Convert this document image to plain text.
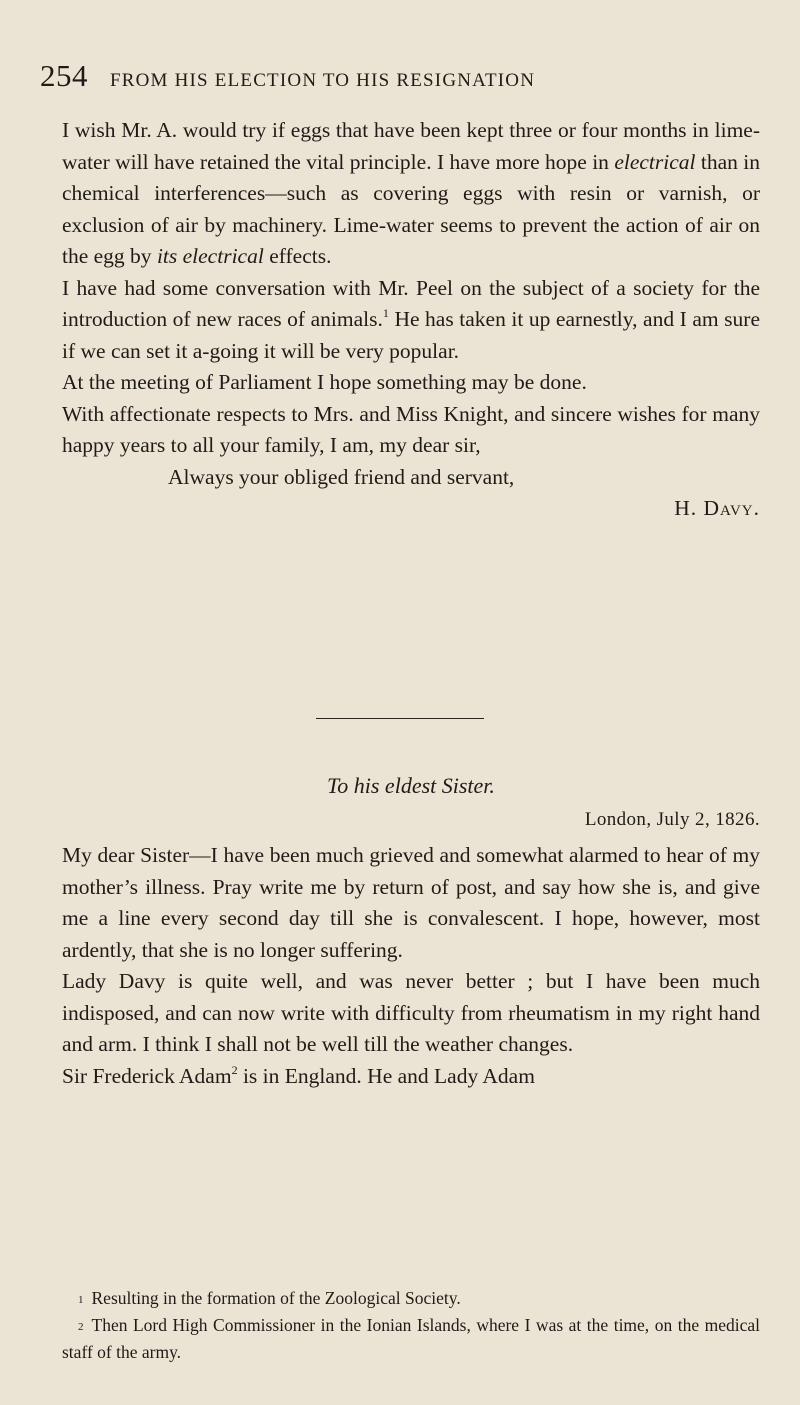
254 FROM HIS ELECTION TO HIS RESIGNATION

I wish Mr. A. would try if eggs that have been kept three or four months in lime-water will have retained the vital principle. I have more hope in electrical than in chemical interferences—such as covering eggs with resin or varnish, or exclusion of air by machinery. Lime-water seems to prevent the action of air on the egg by its electrical effects.

I have had some conversation with Mr. Peel on the subject of a society for the introduction of new races of animals.$^1$ He has taken it up earnestly, and I am sure if we can set it a-going it will be very popular.

At the meeting of Parliament I hope something may be done.

With affectionate respects to Mrs. and Miss Knight, and sincere wishes for many happy years to all your family, I am, my dear sir,

Always your obliged friend and servant,
H. Davy.
To his eldest Sister.
London, July 2, 1826.

My dear Sister—I have been much grieved and somewhat alarmed to hear of my mother’s illness. Pray write me by return of post, and say how she is, and give me a line every second day till she is convalescent. I hope, however, most ardently, that she is no longer suffering.

Lady Davy is quite well, and was never better ; but I have been much indisposed, and can now write with difficulty from rheumatism in my right hand and arm. I think I shall not be well till the weather changes.

Sir Frederick Adam$^2$ is in England. He and Lady Adam

1 Resulting in the formation of the Zoological Society.

2 Then Lord High Commissioner in the Ionian Islands, where I was at the time, on the medical staff of the army.
